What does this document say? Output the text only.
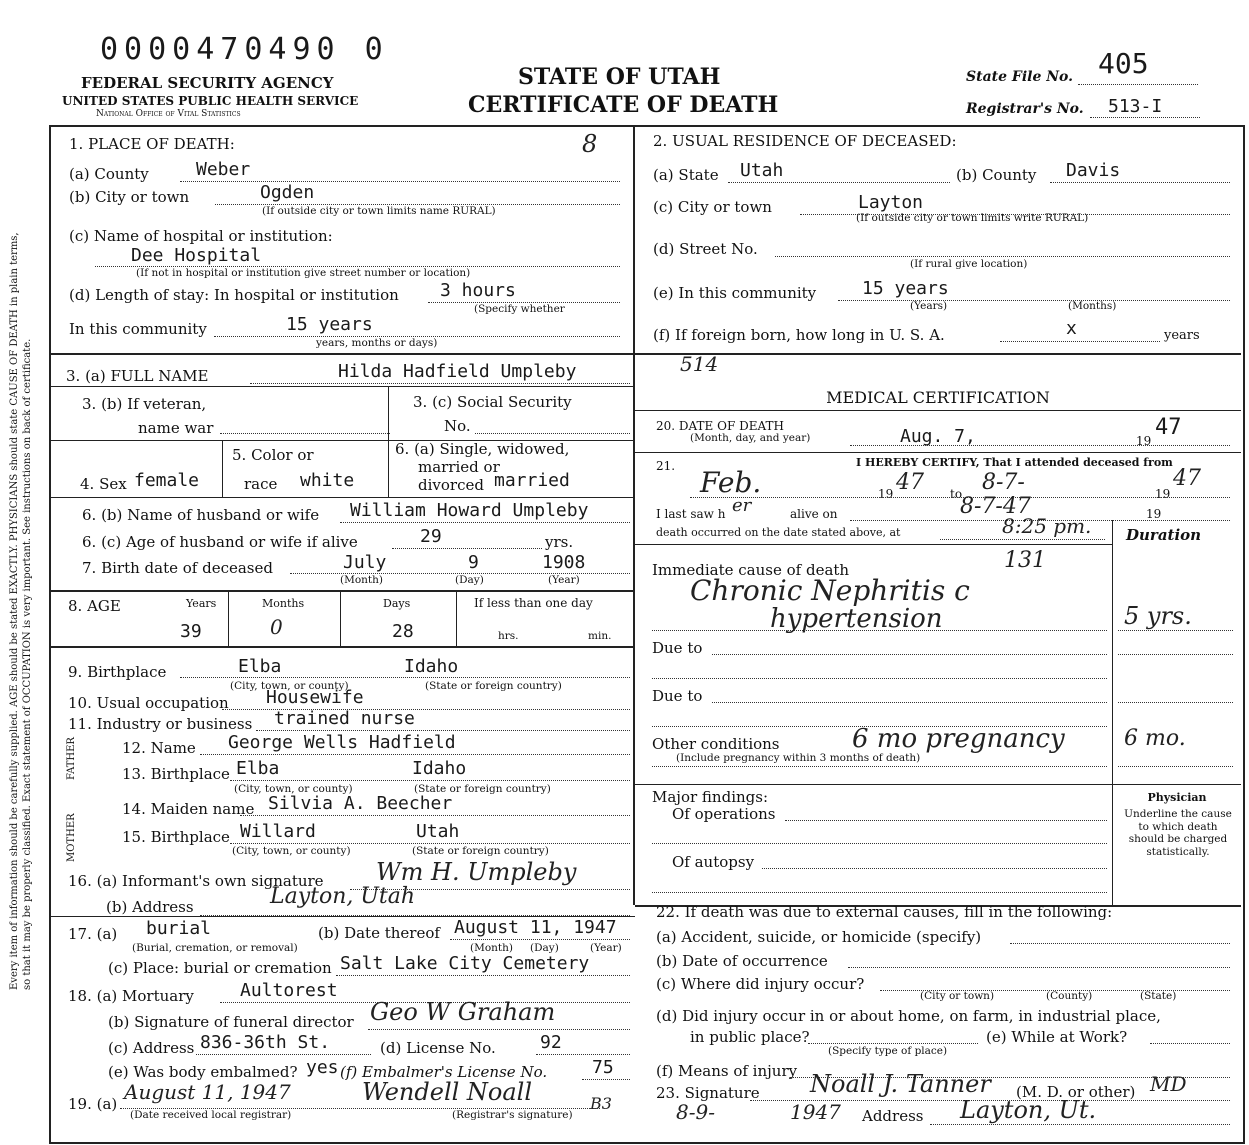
0000470490 0
FEDERAL SECURITY AGENCY
UNITED STATES PUBLIC HEALTH SERVICE
National Office of Vital Statistics
STATE OF UTAH
CERTIFICATE OF DEATH
State File No. 405
Registrar's No. 513-I
Every item of information should be carefully supplied. AGE should be stated EXACTLY. PHYSICIANS should state CAUSE OF DEATH in plain terms, so that it may be properly classified. Exact statement of OCCUPATION is very important. See instructions on back of certificate.
1. PLACE OF DEATH:	8
(a) County	Weber
(b) City or town	Ogden
(If outside city or town limits name RURAL)
(c) Name of hospital or institution:
Dee Hospital
(If not in hospital or institution give street number or location)
(d) Length of stay: In hospital or institution 3 hours
(Specify whether
In this community	15 years
years, months or days)
2. USUAL RESIDENCE OF DECEASED:
(a) State Utah	(b) County Davis
(c) City or town	Layton
(If outside city or town limits write RURAL)
(d) Street No.
(If rural give location)
(e) In this community	15 years
(Years)	(Months)
(f) If foreign born, how long in U. S. A.	x	years
3. (a) FULL NAME	Hilda Hadfield Umpleby	514
MEDICAL CERTIFICATION
3. (b) If veteran,
name war
3. (c) Social Security
No.
4. Sex female
5. Color or
race white
6. (a) Single, widowed,
married or
divorced married
6. (b) Name of husband or wife William Howard Umpleby
6. (c) Age of husband or wife if alive	29	yrs.
7. Birth date of deceased	July	9	1908
(Month)	(Day)	(Year)
8. AGE	Years	Months	Days	If less than one day
39	0	28	hrs.	min.
9. Birthplace	Elba	Idaho
(City, town, or county)	(State or foreign country)
10. Usual occupation Housewife
11. Industry or business trained nurse
FATHER
MOTHER
12. Name George Wells Hadfield
13. Birthplace Elba	Idaho
(City, town, or county)	(State or foreign country)
14. Maiden name Silvia A. Beecher
15. Birthplace Willard	Utah
(City, town, or county)	(State or foreign country)
16. (a) Informant's own signature Wm H. Umpleby
(b) Address	Layton, Utah
17. (a) burial
(Burial, cremation, or removal)
(b) Date thereof August 11, 1947
(Month) (Day)	(Year)
(c) Place: burial or cremation Salt Lake City Cemetery
18. (a) Mortuary	Aultorest
(b) Signature of funeral director Geo W Graham
(c) Address 836-36th St.	(d) License No. 92
(e) Was body embalmed? yes (f) Embalmer's License No. 75
19. (a) August 11, 1947	Wendell Noall	B3
(Date received local registrar)	(Registrar's signature)
20. DATE OF DEATH
(Month, day, and year)	Aug. 7,	19
47
21.	I HEREBY CERTIFY, That I attended deceased from
Feb.	19 47 to 8-7-	19
47
I last saw h er	alive on	8-7-47	19
death occurred on the date stated above, at	8:25 pm. Duration
Immediate cause of death	131
Chronic Nephritis c
hypertension	5 yrs.
Due to
Due to
Other conditions	6 mo pregnancy	6 mo.
(Include pregnancy within 3 months of death)
Major findings:
Of operations
Of autopsy
Physician
Underline the cause to which death should be charged statistically.
22. If death was due to external causes, fill in the following:
(a) Accident, suicide, or homicide (specify)
(b) Date of occurrence
(c) Where did injury occur?
(City or town)	(County)	(State)
(d) Did injury occur in or about home, on farm, in industrial place,
in public place?
(Specify type of place)
(e) While at Work?
(f) Means of injury
23. Signature Noall J. Tanner (M. D. or other) MD
8-9-	1947 Address Layton, Ut.
